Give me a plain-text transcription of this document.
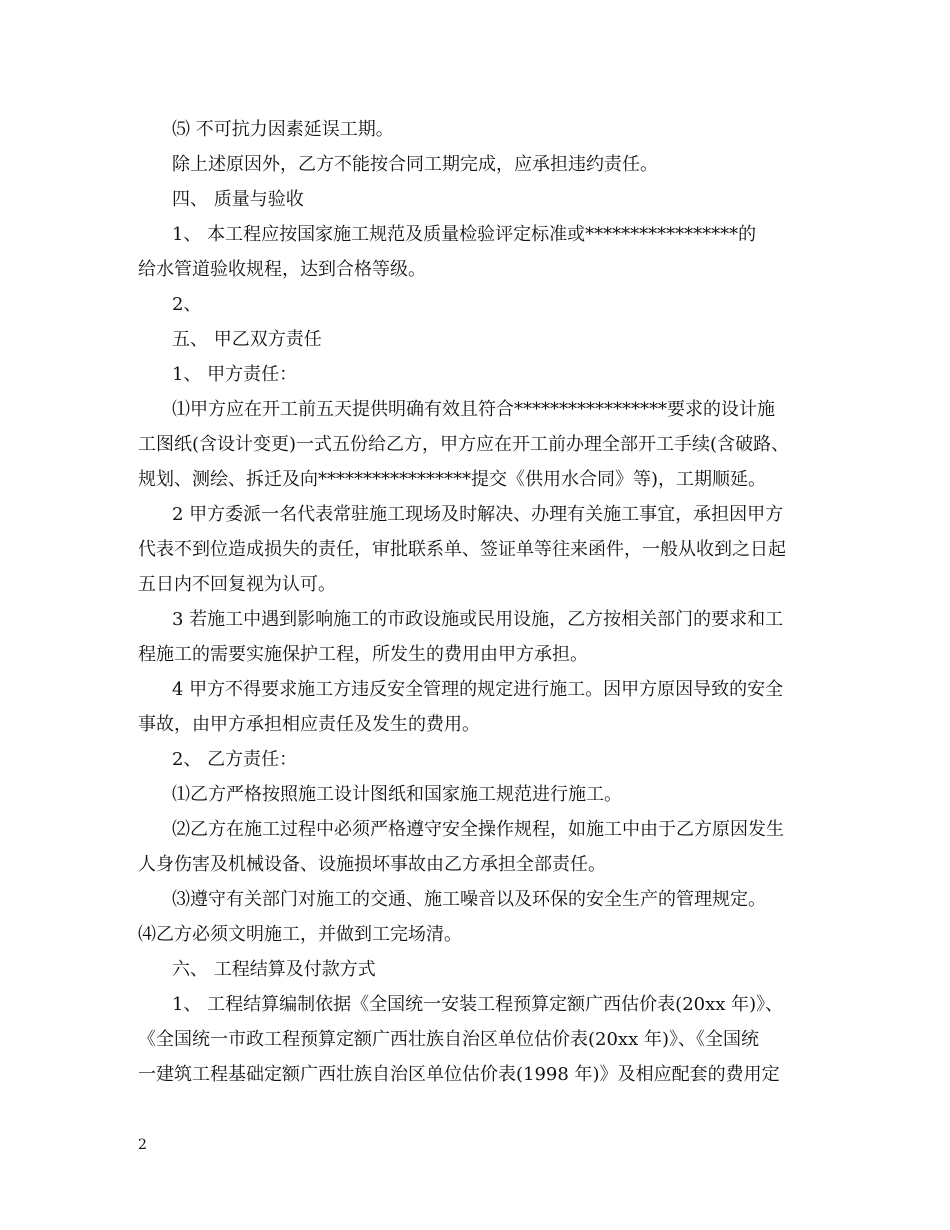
⑸ 不可抗力因素延误工期。
除上述原因外，乙方不能按合同工期完成，应承担违约责任。
四、 质量与验收
1、 本工程应按国家施工规范及质量检验评定标准或*****************的
给水管道验收规程，达到合格等级。
2、
五、 甲乙双方责任
1、 甲方责任：
⑴甲方应在开工前五天提供明确有效且符合*****************要求的设计施
工图纸(含设计变更)一式五份给乙方，甲方应在开工前办理全部开工手续(含破路、
规划、测绘、拆迁及向*****************提交《供用水合同》等)，工期顺延。
2 甲方委派一名代表常驻施工现场及时解决、办理有关施工事宜，承担因甲方
代表不到位造成损失的责任，审批联系单、签证单等往来函件，一般从收到之日起
五日内不回复视为认可。
3 若施工中遇到影响施工的市政设施或民用设施，乙方按相关部门的要求和工
程施工的需要实施保护工程，所发生的费用由甲方承担。
4 甲方不得要求施工方违反安全管理的规定进行施工。因甲方原因导致的安全
事故，由甲方承担相应责任及发生的费用。
2、 乙方责任：
⑴乙方严格按照施工设计图纸和国家施工规范进行施工。
⑵乙方在施工过程中必须严格遵守安全操作规程，如施工中由于乙方原因发生
人身伤害及机械设备、设施损坏事故由乙方承担全部责任。
⑶遵守有关部门对施工的交通、施工噪音以及环保的安全生产的管理规定。
⑷乙方必须文明施工，并做到工完场清。
六、 工程结算及付款方式
1、 工程结算编制依据《全国统一安装工程预算定额广西估价表(20xx 年)》、
《全国统一市政工程预算定额广西壮族自治区单位估价表(20xx 年)》、《全国统
一建筑工程基础定额广西壮族自治区单位估价表(1998 年)》及相应配套的费用定
2
